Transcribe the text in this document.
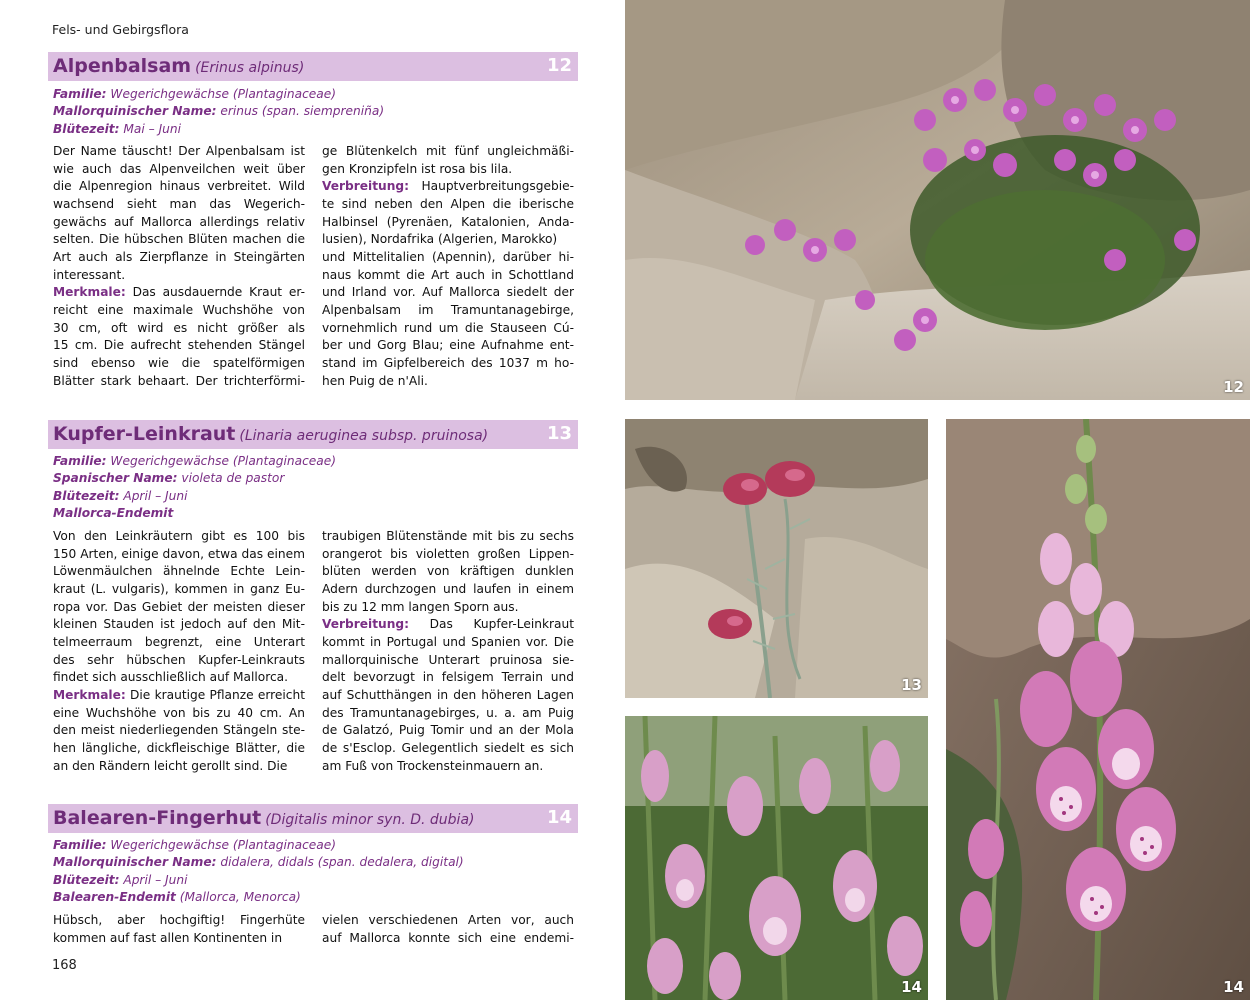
Fels- und Gebirgsflora
Alpenbalsam (Erinus alpinus)	12
Familie: Wegerichgewächse (Plantaginaceae)
Mallorquinischer Name: erinus (span. siempreniña)
Blütezeit: Mai – Juni
Der Name täuscht! Der Alpenbalsam ist
wie auch das Alpenveilchen weit über
die Alpenregion hinaus verbreitet. Wild
wachsend sieht man das Wegerich-
gewächs auf Mallorca allerdings relativ
selten. Die hübschen Blüten machen die
Art auch als Zierpflanze in Steingärten
interessant.
Merkmale: Das ausdauernde Kraut er-
reicht eine maximale Wuchshöhe von
30 cm, oft wird es nicht größer als
15 cm. Die aufrecht stehenden Stängel
sind ebenso wie die spatelförmigen
Blätter stark behaart. Der trichterförmi-
ge Blütenkelch mit fünf ungleichmäßi-
gen Kronzipfeln ist rosa bis lila.
Verbreitung: Hauptverbreitungsgebie-
te sind neben den Alpen die iberische
Halbinsel (Pyrenäen, Katalonien, Anda-
lusien), Nordafrika (Algerien, Marokko)
und Mittelitalien (Apennin), darüber hi-
naus kommt die Art auch in Schottland
und Irland vor. Auf Mallorca siedelt der
Alpenbalsam im Tramuntanagebirge,
vornehmlich rund um die Stauseen Cú-
ber und Gorg Blau; eine Aufnahme ent-
stand im Gipfelbereich des 1037 m ho-
hen Puig de n'Ali.
Kupfer-Leinkraut (Linaria aeruginea subsp. pruinosa)	13
Familie: Wegerichgewächse (Plantaginaceae)
Spanischer Name: violeta de pastor
Blütezeit: April – Juni
Mallorca-Endemit
Von den Leinkräutern gibt es 100 bis
150 Arten, einige davon, etwa das einem
Löwenmäulchen ähnelnde Echte Lein-
kraut (L. vulgaris), kommen in ganz Eu-
ropa vor. Das Gebiet der meisten dieser
kleinen Stauden ist jedoch auf den Mit-
telmeerraum begrenzt, eine Unterart
des sehr hübschen Kupfer-Leinkrauts
findet sich ausschließlich auf Mallorca.
Merkmale: Die krautige Pflanze erreicht
eine Wuchshöhe von bis zu 40 cm. An
den meist niederliegenden Stängeln ste-
hen längliche, dickfleischige Blätter, die
an den Rändern leicht gerollt sind. Die
traubigen Blütenstände mit bis zu sechs
orangerot bis violetten großen Lippen-
blüten werden von kräftigen dunklen
Adern durchzogen und laufen in einem
bis zu 12 mm langen Sporn aus.
Verbreitung: Das Kupfer-Leinkraut
kommt in Portugal und Spanien vor. Die
mallorquinische Unterart pruinosa sie-
delt bevorzugt in felsigem Terrain und
auf Schutthängen in den höheren Lagen
des Tramuntanagebirges, u. a. am Puig
de Galatzó, Puig Tomir und an der Mola
de s'Esclop. Gelegentlich siedelt es sich
am Fuß von Trockensteinmauern an.
Balearen-Fingerhut (Digitalis minor syn. D. dubia)	14
Familie: Wegerichgewächse (Plantaginaceae)
Mallorquinischer Name: didalera, didals (span. dedalera, digital)
Blütezeit: April – Juni
Balearen-Endemit (Mallorca, Menorca)
Hübsch, aber hochgiftig! Fingerhüte
kommen auf fast allen Kontinenten in
vielen verschiedenen Arten vor, auch
auf Mallorca konnte sich eine endemi-
168
12
13
14	14
